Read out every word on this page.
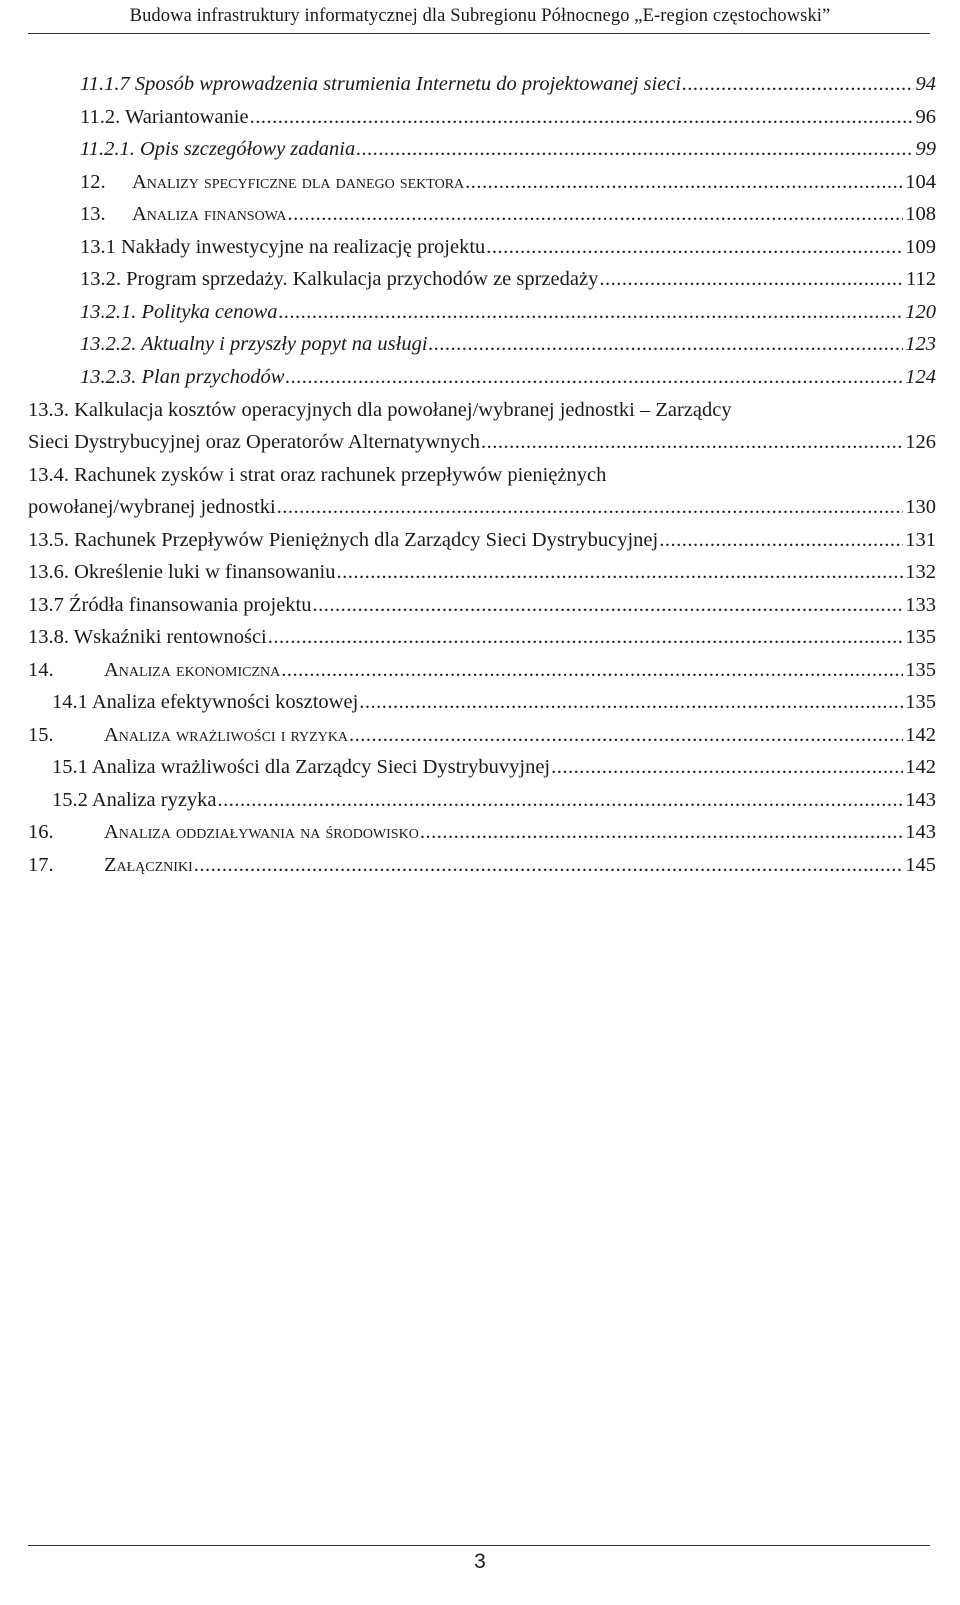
Budowa infrastruktury informatycznej dla Subregionu Północnego „E-region częstochowski”
11.1.7 Sposób wprowadzenia strumienia Internetu do projektowanej sieci .....	94
11.2. Wariantowanie .....	96
11.2.1. Opis szczegółowy zadania .....	99
12. Analizy specyficzne dla danego sektora .....	104
13. Analiza finansowa .....	108
13.1 Nakłady inwestycyjne na realizację projektu .....	109
13.2. Program sprzedaży. Kalkulacja przychodów ze sprzedaży .....	112
13.2.1. Polityka cenowa .....	120
13.2.2. Aktualny i przyszły popyt na usługi .....	123
13.2.3. Plan przychodów .....	124
13.3. Kalkulacja kosztów operacyjnych dla powołanej/wybranej jednostki – Zarządcy
Sieci Dystrybucyjnej oraz Operatorów Alternatywnych .....	126
13.4. Rachunek zysków i strat oraz rachunek przepływów pieniężnych
powołanej/wybranej jednostki .....	130
13.5. Rachunek Przepływów Pieniężnych dla Zarządcy Sieci Dystrybucyjnej .....	131
13.6. Określenie luki w finansowaniu .....	132
13.7 Źródła finansowania projektu .....	133
13.8. Wskaźniki rentowności .....	135
14. Analiza ekonomiczna .....	135
14.1 Analiza efektywności kosztowej .....	135
15. Analiza wrażliwości i ryzyka .....	142
15.1 Analiza wrażliwości dla Zarządcy Sieci Dystrybuvyjnej .....	142
15.2 Analiza ryzyka .....	143
16. Analiza oddziaływania na środowisko .....	143
17. Załączniki .....	145
3
